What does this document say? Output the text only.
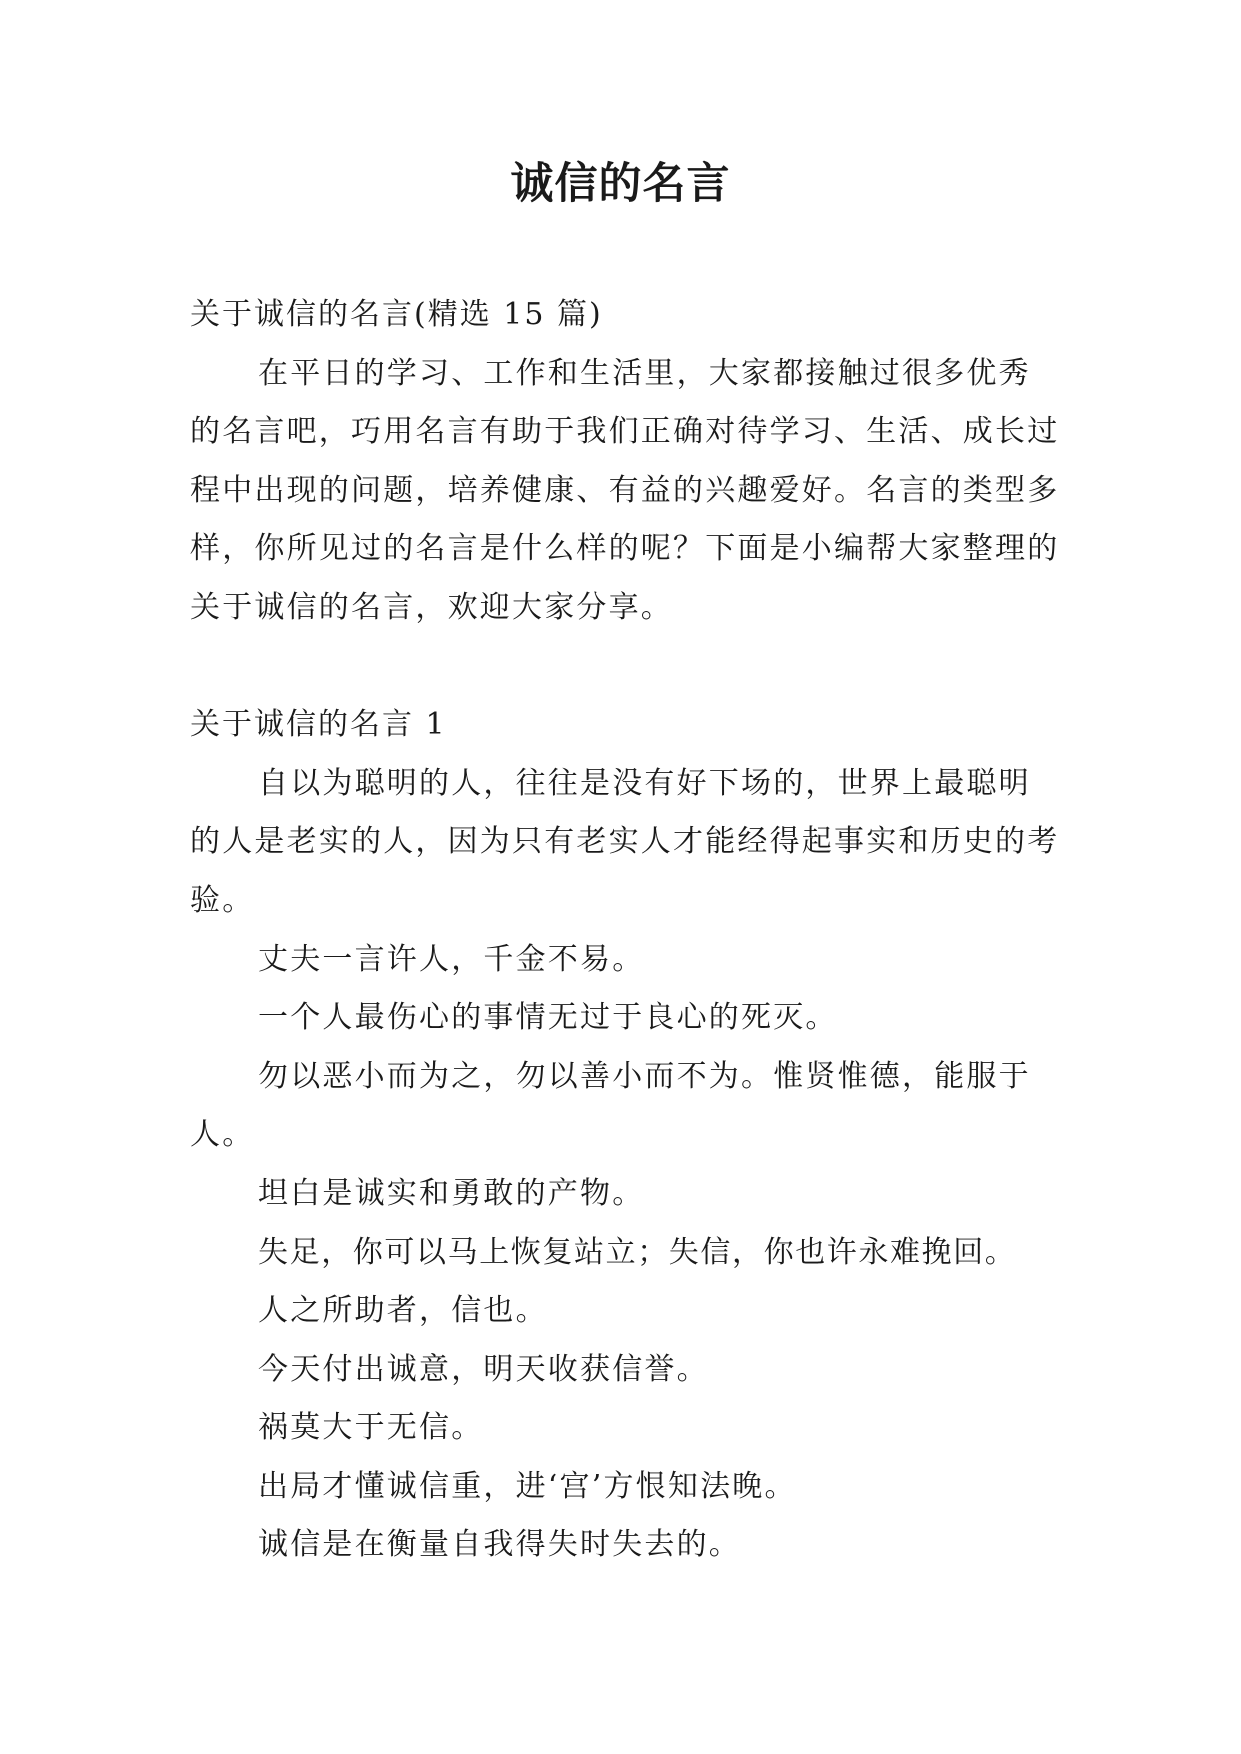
诚信的名言

关于诚信的名言(精选 15 篇)

在平日的学习、工作和生活里，大家都接触过很多优秀的名言吧，巧用名言有助于我们正确对待学习、生活、成长过程中出现的问题，培养健康、有益的兴趣爱好。名言的类型多样，你所见过的名言是什么样的呢？下面是小编帮大家整理的关于诚信的名言，欢迎大家分享。

关于诚信的名言 1

自以为聪明的人，往往是没有好下场的，世界上最聪明的人是老实的人，因为只有老实人才能经得起事实和历史的考验。

丈夫一言许人，千金不易。

一个人最伤心的事情无过于良心的死灭。

勿以恶小而为之，勿以善小而不为。惟贤惟德，能服于人。

坦白是诚实和勇敢的产物。

失足，你可以马上恢复站立；失信，你也许永难挽回。

人之所助者，信也。

今天付出诚意，明天收获信誉。

祸莫大于无信。

出局才懂诚信重，进‘宫’方恨知法晚。

诚信是在衡量自我得失时失去的。
